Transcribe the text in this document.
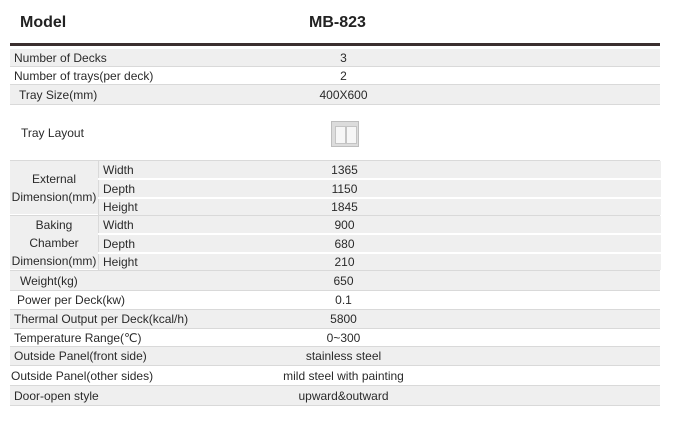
Model	MB-823
Number of Decks	3
Number of trays(per deck)	2
Tray Size(mm)	400X600
Tray Layout
External Dimension(mm)
Width	1365
Depth	1150
Height	1845
Baking Chamber Dimension(mm)
Width	900
Depth	680
Height	210
Weight(kg)	650
Power per Deck(kw)	0.1
Thermal Output per Deck(kcal/h)	5800
Temperature Range(℃)	0~300
Outside Panel(front side)	stainless steel
Outside Panel(other sides)	mild steel with painting
Door-open style	upward&outward
